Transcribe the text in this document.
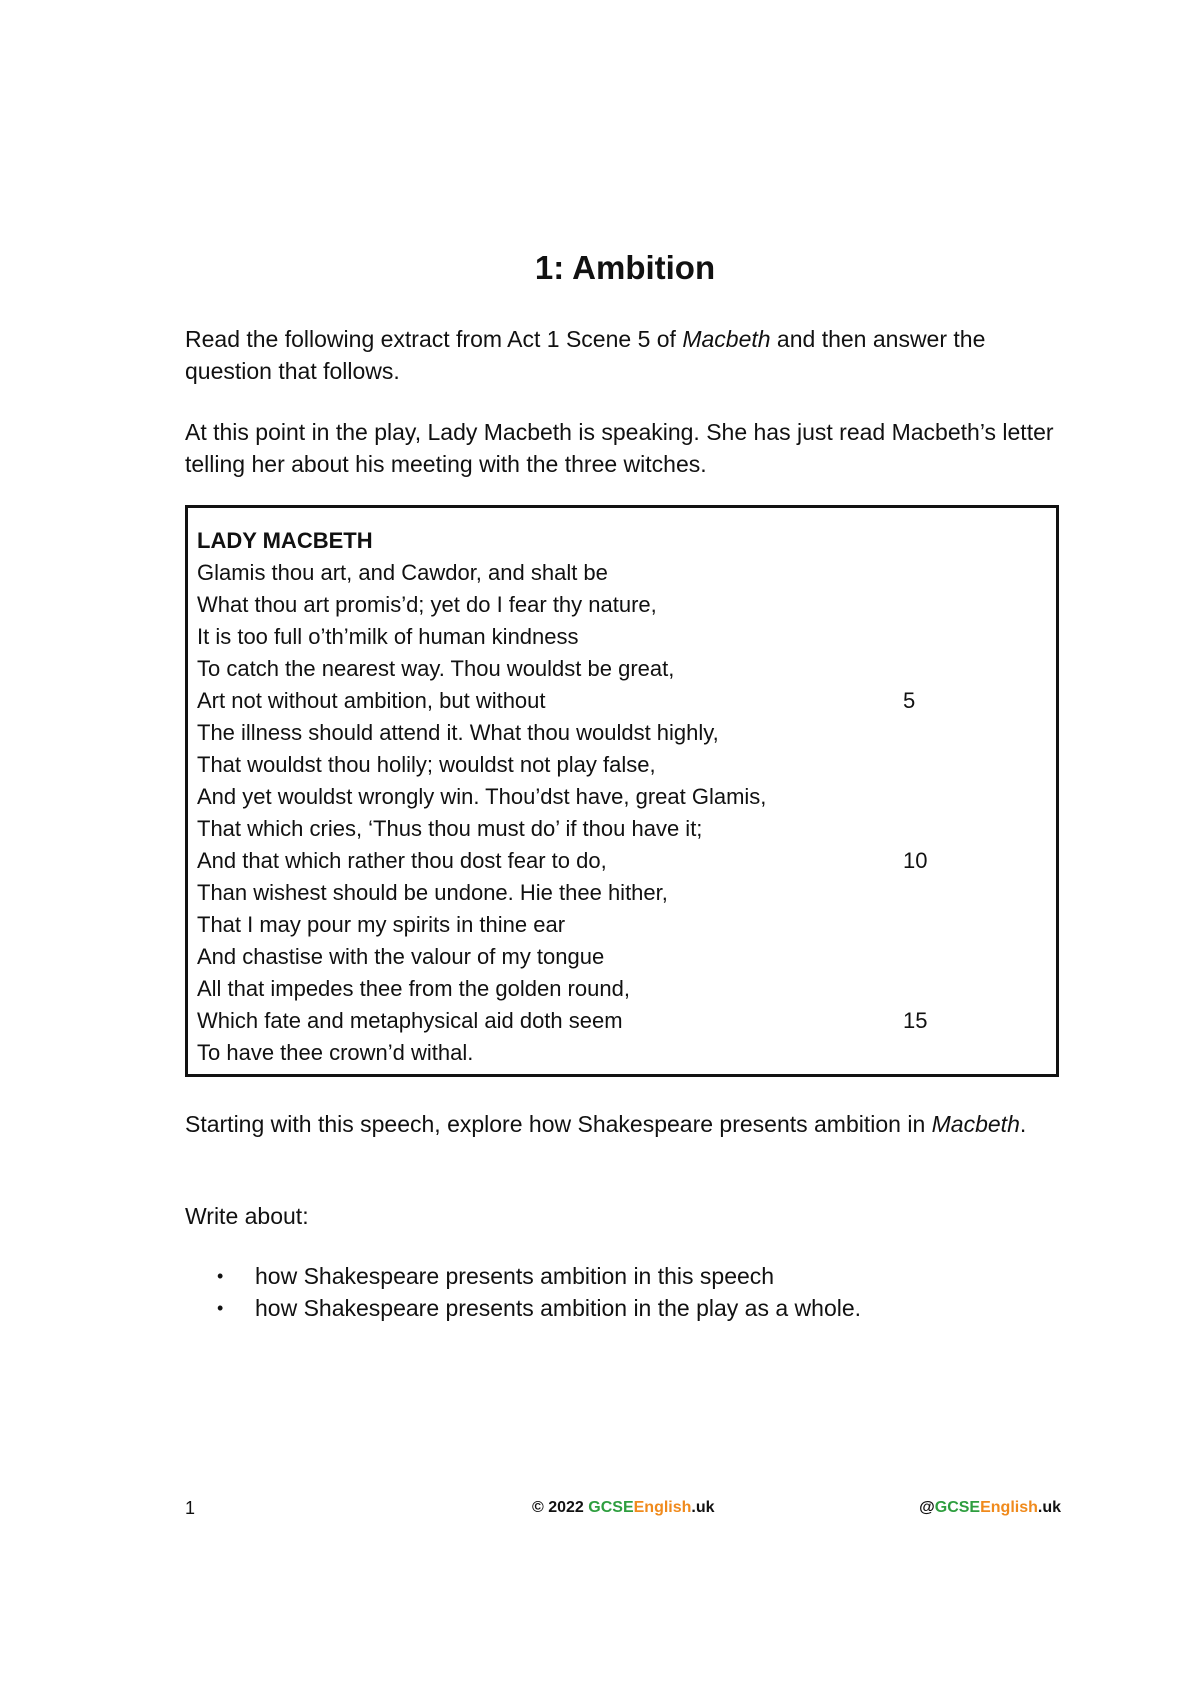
1: Ambition

Read the following extract from Act 1 Scene 5 of Macbeth and then answer the question that follows.

At this point in the play, Lady Macbeth is speaking. She has just read Macbeth’s letter telling her about his meeting with the three witches.

LADY MACBETH
Glamis thou art, and Cawdor, and shalt be
What thou art promis’d; yet do I fear thy nature,
It is too full o’th’milk of human kindness
To catch the nearest way. Thou wouldst be great,
Art not without ambition, but without	5
The illness should attend it. What thou wouldst highly,
That wouldst thou holily; wouldst not play false,
And yet wouldst wrongly win. Thou’dst have, great Glamis,
That which cries, ‘Thus thou must do’ if thou have it;
And that which rather thou dost fear to do,	10
Than wishest should be undone. Hie thee hither,
That I may pour my spirits in thine ear
And chastise with the valour of my tongue
All that impedes thee from the golden round,
Which fate and metaphysical aid doth seem	15
To have thee crown’d withal.

Starting with this speech, explore how Shakespeare presents ambition in Macbeth.

Write about:

• how Shakespeare presents ambition in this speech
• how Shakespeare presents ambition in the play as a whole.
1	© 2022 GCSEEnglish.uk	@GCSEEnglish.uk
